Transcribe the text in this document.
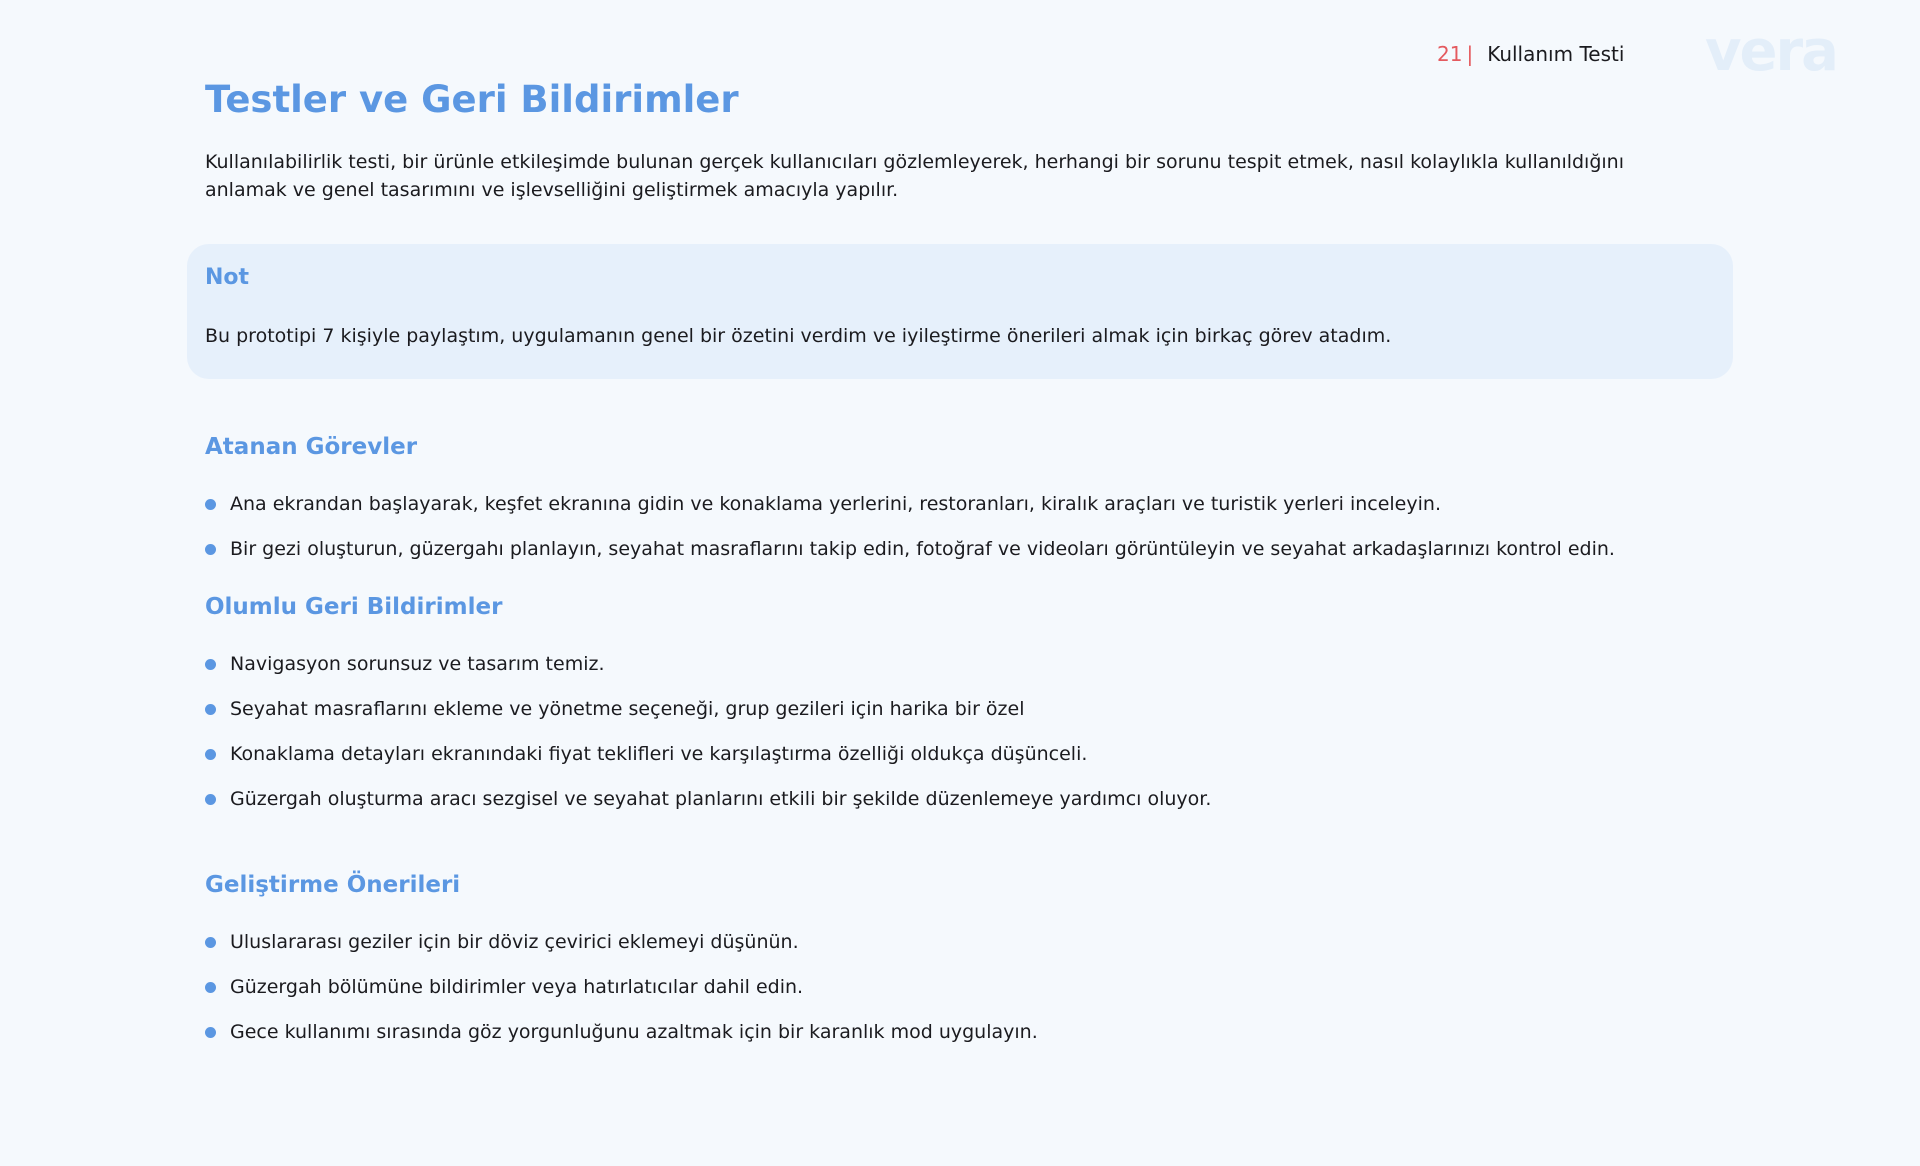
21 | Kullanım Testi vera
Testler ve Geri Bildirimler

Kullanılabilirlik testi, bir ürünle etkileşimde bulunan gerçek kullanıcıları gözlemleyerek, herhangi bir sorunu tespit etmek, nasıl kolaylıkla kullanıldığını anlamak ve genel tasarımını ve işlevselliğini geliştirmek amacıyla yapılır.

Not
Bu prototipi 7 kişiyle paylaştım, uygulamanın genel bir özetini verdim ve iyileştirme önerileri almak için birkaç görev atadım.
Atanan Görevler
Ana ekrandan başlayarak, keşfet ekranına gidin ve konaklama yerlerini, restoranları, kiralık araçları ve turistik yerleri inceleyin.
Bir gezi oluşturun, güzergahı planlayın, seyahat masraflarını takip edin, fotoğraf ve videoları görüntüleyin ve seyahat arkadaşlarınızı kontrol edin.
Olumlu Geri Bildirimler
Navigasyon sorunsuz ve tasarım temiz.
Seyahat masraflarını ekleme ve yönetme seçeneği, grup gezileri için harika bir özel
Konaklama detayları ekranındaki fiyat teklifleri ve karşılaştırma özelliği oldukça düşünceli.
Güzergah oluşturma aracı sezgisel ve seyahat planlarını etkili bir şekilde düzenlemeye yardımcı oluyor.
Geliştirme Önerileri
Uluslararası geziler için bir döviz çevirici eklemeyi düşünün.
Güzergah bölümüne bildirimler veya hatırlatıcılar dahil edin.
Gece kullanımı sırasında göz yorgunluğunu azaltmak için bir karanlık mod uygulayın.
